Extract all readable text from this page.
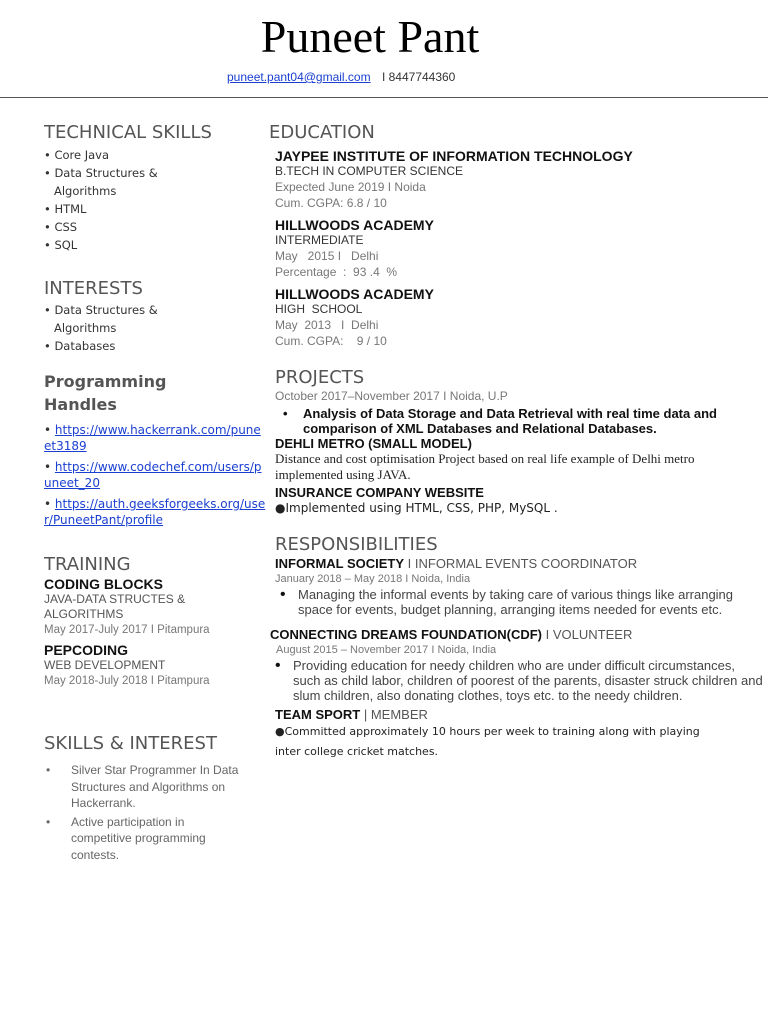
Puneet Pant
puneet.pant04@gmail.com I 8447744360
TECHNICAL SKILLS
• Core Java
• Data Structures & Algorithms
• HTML
• CSS
• SQL
INTERESTS
• Data Structures & Algorithms
• Databases
Programming Handles
• https://www.hackerrank.com/puneet3189
• https://www.codechef.com/users/puneet_20
• https://auth.geeksforgeeks.org/user/PuneetPant/profile
TRAINING

CODING BLOCKS

JAVA-DATA STRUCTES & ALGORITHMS

May 2017-July 2017 I Pitampura

PEPCODING

WEB DEVELOPMENT

May 2018-July 2018 I Pitampura

SKILLS & INTEREST
• Silver Star Programmer In Data Structures and Algorithms on Hackerrank.
• Active participation in competitive programming contests.
EDUCATION

JAYPEE INSTITUTE OF INFORMATION TECHNOLOGY

B.TECH IN COMPUTER SCIENCE

Expected June 2019 I Noida

Cum. CGPA: 6.8 / 10

HILLWOODS ACADEMY

INTERMEDIATE

May   2015 I   Delhi

Percentage  :  93 .4  %

HILLWOODS ACADEMY

HIGH  SCHOOL

May  2013   I  Delhi

Cum. CGPA:    9 / 10

PROJECTS

October 2017–November 2017 I Noida, U.P

• Analysis of Data Storage and Data Retrieval with real time data and comparison of XML Databases and Relational Databases.

DEHLI METRO (SMALL MODEL)

Distance and cost optimisation Project based on real life example of Delhi metro implemented using JAVA.

INSURANCE COMPANY WEBSITE

●Implemented using HTML, CSS, PHP, MySQL .

RESPONSIBILITIES

INFORMAL SOCIETY I INFORMAL EVENTS COORDINATOR

January 2018 – May 2018 I Noida, India

• Managing the informal events by taking care of various things like arranging space for events, budget planning, arranging items needed for events etc.

CONNECTING DREAMS FOUNDATION(CDF) I VOLUNTEER

August 2015 – November 2017 I Noida, India

• Providing education for needy children who are under difficult circumstances, such as child labor, children of poorest of the parents, disaster struck children and slum children, also donating clothes, toys etc. to the needy children.

TEAM SPORT | MEMBER

●Committed approximately 10 hours per week to training along with playing inter college cricket matches.
